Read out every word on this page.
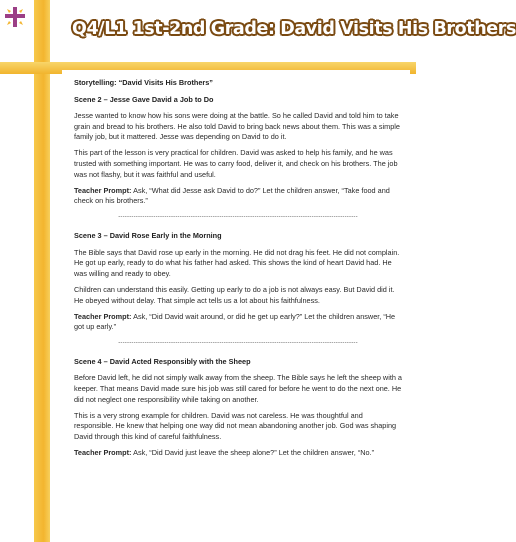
Q4/L1 1st-2nd Grade: David Visits His Brothers

Storytelling: “David Visits His Brothers”

Scene 2 – Jesse Gave David a Job to Do

Jesse wanted to know how his sons were doing at the battle. So he called David and told him to take grain and bread to his brothers. He also told David to bring back news about them. This was a simple family job, but it mattered. Jesse was depending on David to do it.

This part of the lesson is very practical for children. David was asked to help his family, and he was trusted with something important. He was to carry food, deliver it, and check on his brothers. The job was not flashy, but it was faithful and useful.

Teacher Prompt: Ask, “What did Jesse ask David to do?” Let the children answer, “Take food and check on his brothers.”

-------------------------------------------------------------------------------------------------------------

Scene 3 – David Rose Early in the Morning

The Bible says that David rose up early in the morning. He did not drag his feet. He did not complain. He got up early, ready to do what his father had asked. This shows the kind of heart David had. He was willing and ready to obey.

Children can understand this easily. Getting up early to do a job is not always easy. But David did it. He obeyed without delay. That simple act tells us a lot about his faithfulness.

Teacher Prompt: Ask, “Did David wait around, or did he get up early?” Let the children answer, “He got up early.”

-------------------------------------------------------------------------------------------------------------

Scene 4 – David Acted Responsibly with the Sheep

Before David left, he did not simply walk away from the sheep. The Bible says he left the sheep with a keeper. That means David made sure his job was still cared for before he went to do the next one. He did not neglect one responsibility while taking on another.

This is a very strong example for children. David was not careless. He was thoughtful and responsible. He knew that helping one way did not mean abandoning another job. God was shaping David through this kind of careful faithfulness.

Teacher Prompt: Ask, “Did David just leave the sheep alone?” Let the children answer, “No.”
